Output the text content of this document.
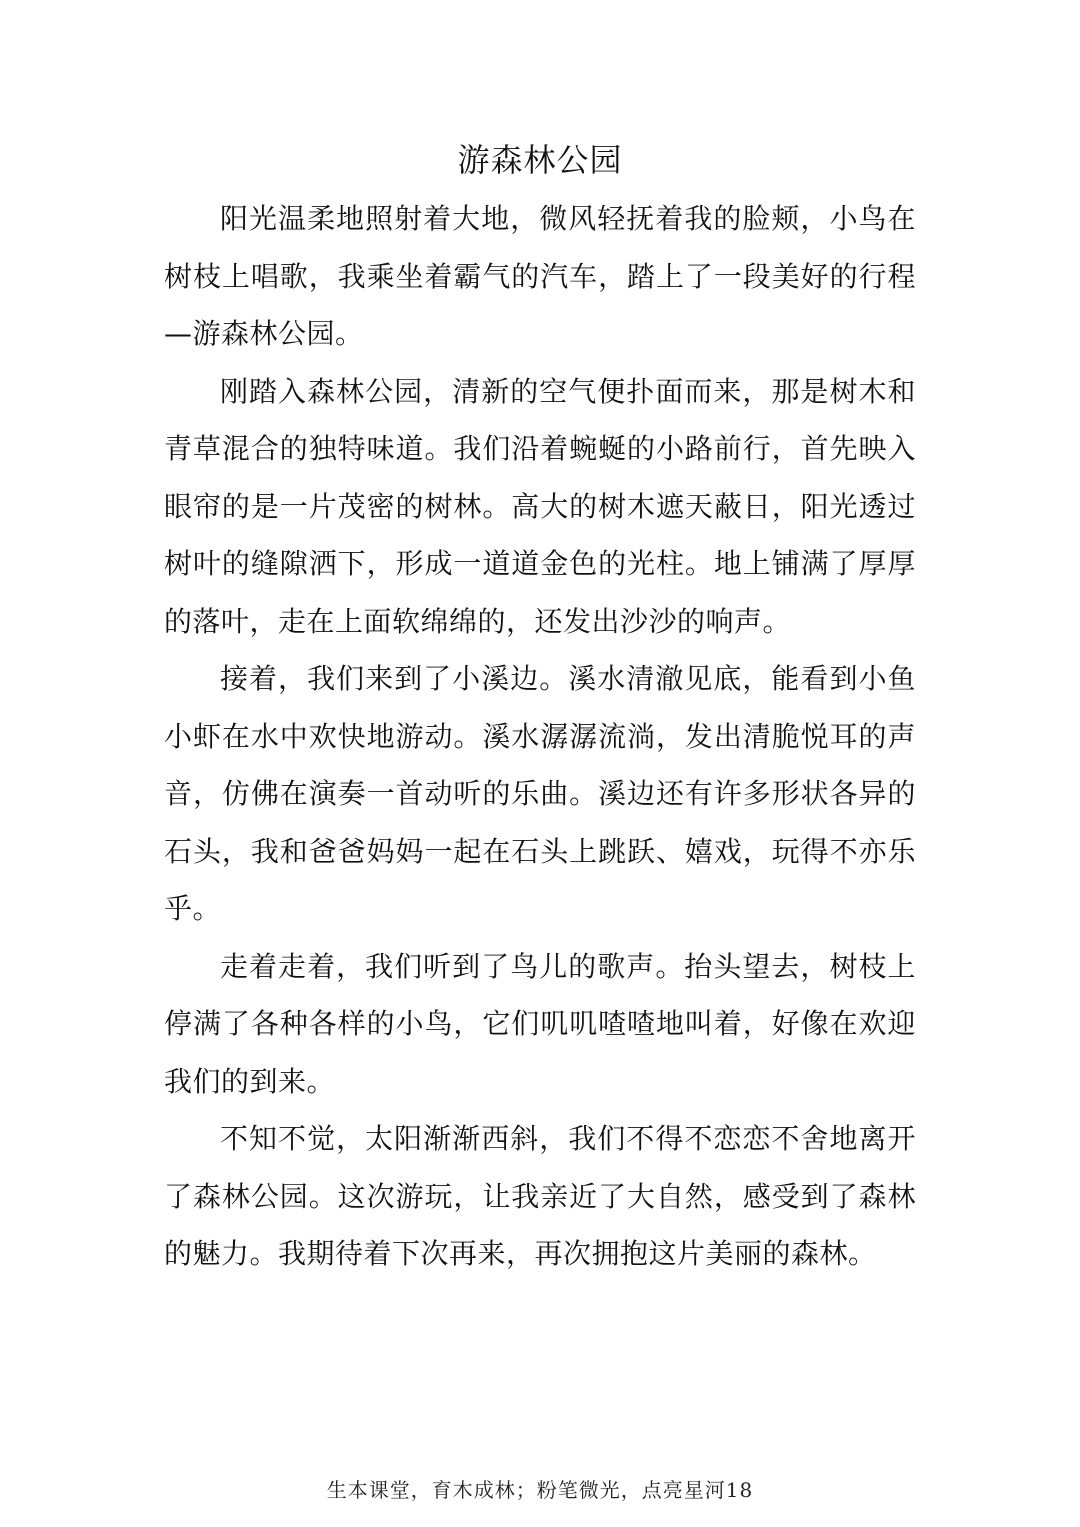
游森林公园

阳光温柔地照射着大地，微风轻抚着我的脸颊，小鸟在树枝上唱歌，我乘坐着霸气的汽车，踏上了一段美好的行程—游森林公园。

刚踏入森林公园，清新的空气便扑面而来，那是树木和青草混合的独特味道。我们沿着蜿蜒的小路前行，首先映入眼帘的是一片茂密的树林。高大的树木遮天蔽日，阳光透过树叶的缝隙洒下，形成一道道金色的光柱。地上铺满了厚厚的落叶，走在上面软绵绵的，还发出沙沙的响声。

接着，我们来到了小溪边。溪水清澈见底，能看到小鱼小虾在水中欢快地游动。溪水潺潺流淌，发出清脆悦耳的声音，仿佛在演奏一首动听的乐曲。溪边还有许多形状各异的石头，我和爸爸妈妈一起在石头上跳跃、嬉戏，玩得不亦乐乎。

走着走着，我们听到了鸟儿的歌声。抬头望去，树枝上停满了各种各样的小鸟，它们叽叽喳喳地叫着，好像在欢迎我们的到来。

不知不觉，太阳渐渐西斜，我们不得不恋恋不舍地离开了森林公园。这次游玩，让我亲近了大自然，感受到了森林的魅力。我期待着下次再来，再次拥抱这片美丽的森林。

生本课堂，育木成林；粉笔微光，点亮星河18
